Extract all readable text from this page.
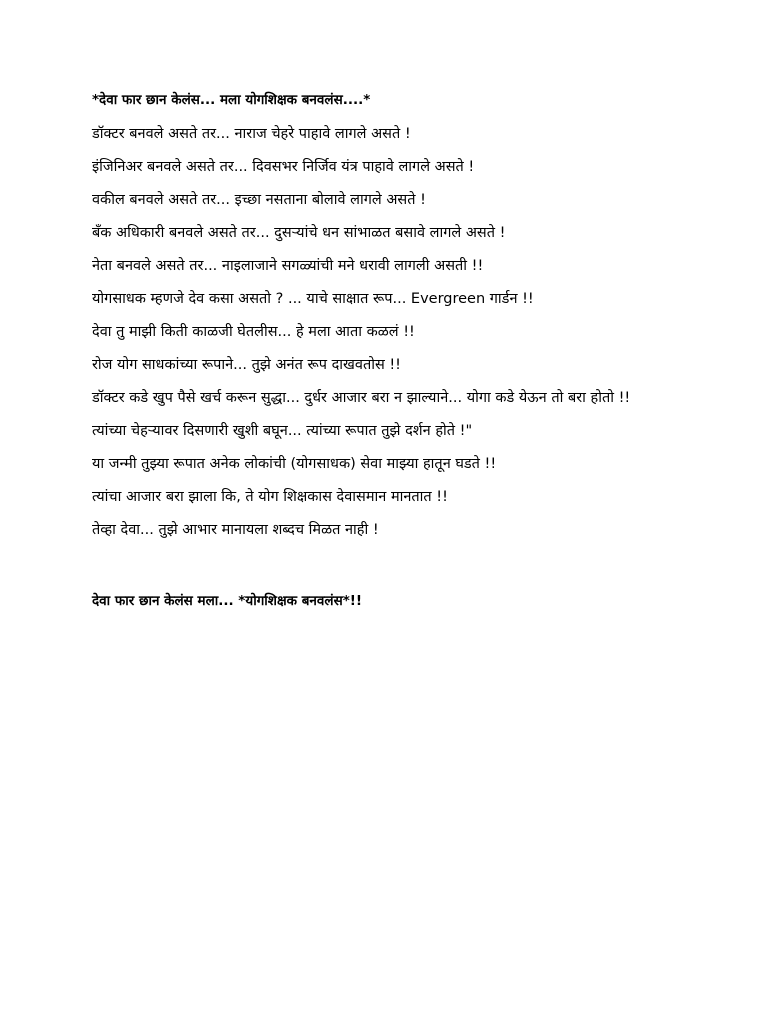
*देवा फार छान केलंस... मला योगशिक्षक बनवलंस....*
डॉक्टर बनवले असते तर... नाराज चेहरे पाहावे लागले असते !
इंजिनिअर बनवले असते तर... दिवसभर निर्जिव यंत्र पाहावे लागले असते !
वकील बनवले असते तर... इच्छा नसताना बोलावे लागले असते !
बँक अधिकारी बनवले असते तर... दुसऱ्यांचे धन सांभाळत बसावे लागले असते !
नेता बनवले असते तर... नाइलाजाने सगळ्यांची मने धरावी लागली असती !!
योगसाधक म्हणजे देव कसा असतो ? ... याचे साक्षात रूप... Evergreen गार्डन !!
देवा तु माझी किती काळजी घेतलीस... हे मला आता कळलं !!
रोज योग साधकांच्या रूपाने... तुझे अनंत रूप दाखवतोस !!
डॉक्टर कडे खुप पैसे खर्च करून सुद्धा... दुर्धर आजार बरा न झाल्याने... योगा कडे येऊन तो बरा होतो !!
त्यांच्या चेहऱ्यावर दिसणारी खुशी बघून... त्यांच्या रूपात तुझे दर्शन होते !"
या जन्मी तुझ्या रूपात अनेक लोकांची (योगसाधक) सेवा माझ्या हातून घडते !!
त्यांचा आजार बरा झाला कि, ते योग शिक्षकास देवासमान मानतात !!
तेव्हा देवा... तुझे आभार मानायला शब्दच मिळत नाही !
देवा फार छान केलंस मला... *योगशिक्षक बनवलंस*!!
